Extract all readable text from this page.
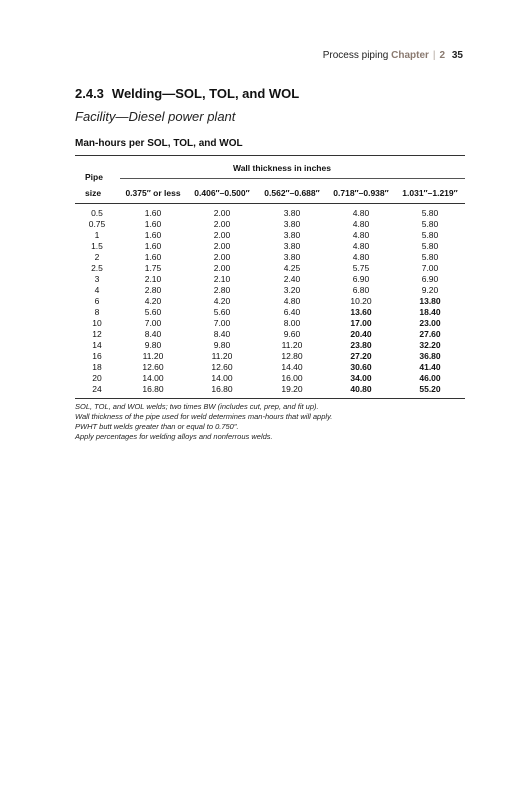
Process piping Chapter | 2 35
2.4.3 Welding—SOL, TOL, and WOL
Facility—Diesel power plant
Man-hours per SOL, TOL, and WOL
Pipe
size
Wall thickness in inches
0.375″ or less	0.406″–0.500″	0.562″–0.688″	0.718″–0.938″	1.031″–1.219″
0.5	1.60	2.00	3.80	4.80	5.80
0.75	1.60	2.00	3.80	4.80	5.80
1	1.60	2.00	3.80	4.80	5.80
1.5	1.60	2.00	3.80	4.80	5.80
2	1.60	2.00	3.80	4.80	5.80
2.5	1.75	2.00	4.25	5.75	7.00
3	2.10	2.10	2.40	6.90	6.90
4	2.80	2.80	3.20	6.80	9.20
6	4.20	4.20	4.80	10.20	13.80
8	5.60	5.60	6.40	13.60	18.40
10	7.00	7.00	8.00	17.00	23.00
12	8.40	8.40	9.60	20.40	27.60
14	9.80	9.80	11.20	23.80	32.20
16	11.20	11.20	12.80	27.20	36.80
18	12.60	12.60	14.40	30.60	41.40
20	14.00	14.00	16.00	34.00	46.00
24	16.80	16.80	19.20	40.80	55.20
SOL, TOL, and WOL welds; two times BW (includes cut, prep, and fit up).
Wall thickness of the pipe used for weld determines man-hours that will apply.
PWHT butt welds greater than or equal to 0.750″.
Apply percentages for welding alloys and nonferrous welds.
